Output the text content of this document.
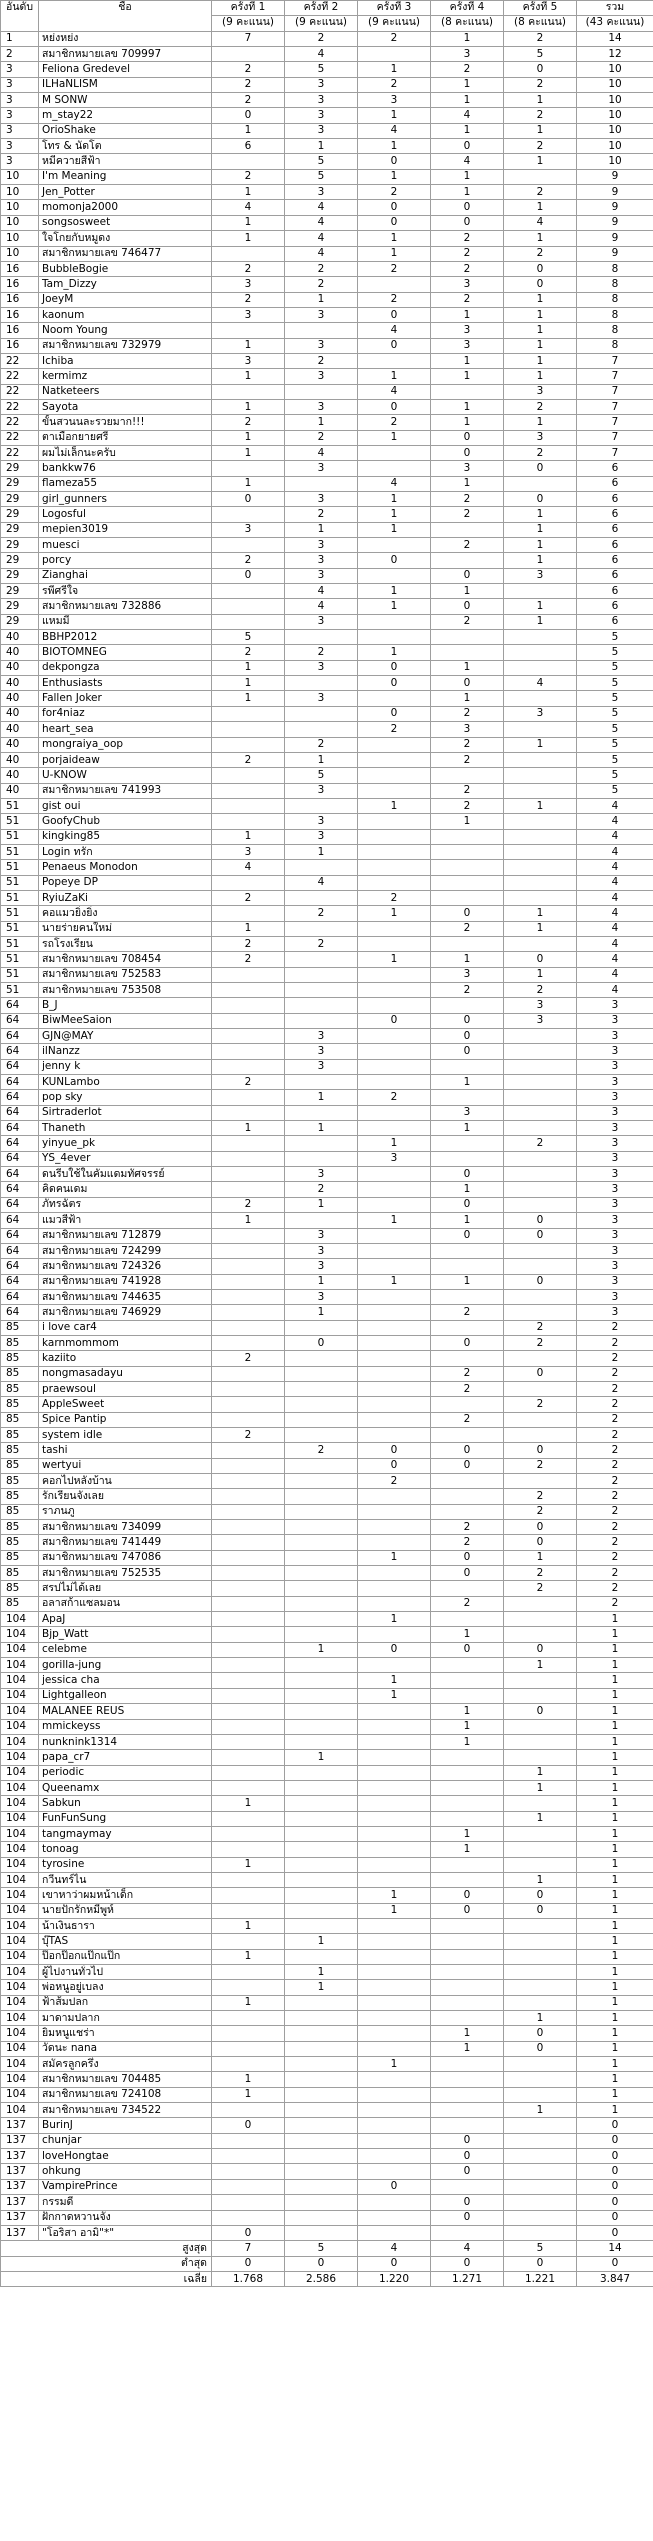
อันดับ	ชื่อ	ครั้งที่ 1	ครั้งที่ 2	ครั้งที่ 3	ครั้งที่ 4	ครั้งที่ 5	รวม
		(9 คะแนน)	(9 คะแนน)	(9 คะแนน)	(8 คะแนน)	(8 คะแนน)	(43 คะแนน)
1	หย่งหย่ง	7	2	2	1	2	14
2	สมาชิกหมายเลข 709997		4		3	5	12
3	Feliona Gredevel	2	5	1	2	0	10
3	ILHaNLISM	2	3	2	1	2	10
3	M SONW	2	3	3	1	1	10
3	m_stay22	0	3	1	4	2	10
3	OrioShake	1	3	4	1	1	10
3	โทร & นัดโต	6	1	1	0	2	10
3	หมีควายสีฟ้า		5	0	4	1	10
10	I'm Meaning	2	5	1	1		9
10	Jen_Potter	1	3	2	1	2	9
10	momonja2000	4	4	0	0	1	9
10	songsosweet	1	4	0	0	4	9
10	ใจโกยกับหมูดง	1	4	1	2	1	9
10	สมาชิกหมายเลข 746477		4	1	2	2	9
16	BubbleBogie	2	2	2	2	0	8
16	Tam_Dizzy	3	2		3	0	8
16	JoeyM	2	1	2	2	1	8
16	kaonum	3	3	0	1	1	8
16	Noom Young			4	3	1	8
16	สมาชิกหมายเลข 732979	1	3	0	3	1	8
22	Ichiba	3	2		1	1	7
22	kermimz	1	3	1	1	1	7
22	Natketeers			4		3	7
22	Sayota	1	3	0	1	2	7
22	ขั้นสวนนละรวยมาก!!!	2	1	2	1	1	7
22	ตาเมือกยายศรี	1	2	1	0	3	7
22	ผมไม่เล็กนะครับ	1	4		0	2	7
29	bankkw76		3		3	0	6
29	flameza55	1		4	1		6
29	girl_gunners	0	3	1	2	0	6
29	Logosful		2	1	2	1	6
29	mepien3019	3	1	1		1	6
29	muesci		3		2	1	6
29	porcy	2	3	0		1	6
29	Zianghai	0	3		0	3	6
29	รพีศรีใจ		4	1	1		6
29	สมาชิกหมายเลข 732886		4	1	0	1	6
29	แหมมี่		3		2	1	6
40	BBHP2012	5					5
40	BIOTOMNEG	2	2	1			5
40	dekpongza	1	3	0	1		5
40	Enthusiasts	1		0	0	4	5
40	Fallen Joker	1	3		1		5
40	for4niaz			0	2	3	5
40	heart_sea			2	3		5
40	mongraiya_oop		2		2	1	5
40	porjaideaw	2	1		2		5
40	U-KNOW		5				5
40	สมาชิกหมายเลข 741993		3		2		5
51	gist oui			1	2	1	4
51	GoofyChub		3		1		4
51	kingking85	1	3				4
51	Login ทรัก	3	1				4
51	Penaeus Monodon	4					4
51	Popeye DP		4				4
51	RyiuZaKi	2		2			4
51	คอแมวยิ่งยิ่ง		2	1	0	1	4
51	นายร่ายคนใหม่	1			2	1	4
51	รถโรงเรียน	2	2				4
51	สมาชิกหมายเลข 708454	2		1	1	0	4
51	สมาชิกหมายเลข 752583				3	1	4
51	สมาชิกหมายเลข 753508				2	2	4
64	B_J					3	3
64	BiwMeeSaion			0	0	3	3
64	GJN@MAY		3		0		3
64	ilNanzz		3		0		3
64	jenny k		3				3
64	KUNLambo	2			1		3
64	pop sky		1	2			3
64	Sirtraderlot				3		3
64	Thaneth	1	1		1		3
64	yinyue_pk			1		2	3
64	YS_4ever			3			3
64	ดนรีบใช้ในคัมแดมทัศจรรย์		3		0		3
64	คิดคนเดม		2		1		3
64	ภัทรฉัตร	2	1		0		3
64	แมวสีฟ้า	1		1	1	0	3
64	สมาชิกหมายเลข 712879		3		0	0	3
64	สมาชิกหมายเลข 724299		3				3
64	สมาชิกหมายเลข 724326		3				3
64	สมาชิกหมายเลข 741928		1	1	1	0	3
64	สมาชิกหมายเลข 744635		3				3
64	สมาชิกหมายเลข 746929		1		2		3
85	i love car4					2	2
85	karnmommom		0		0	2	2
85	kaziito	2					2
85	nongmasadayu				2	0	2
85	praewsoul				2		2
85	AppleSweet					2	2
85	Spice Pantip				2		2
85	system idle	2					2
85	tashi		2	0	0	0	2
85	wertyui			0	0	2	2
85	คอกไปหลังบ้าน			2			2
85	รักเรียนจังเลย					2	2
85	ราภนภู					2	2
85	สมาชิกหมายเลข 734099				2	0	2
85	สมาชิกหมายเลข 741449				2	0	2
85	สมาชิกหมายเลข 747086			1	0	1	2
85	สมาชิกหมายเลข 752535				0	2	2
85	สรปไม่ได้เลย					2	2
85	อลาสก้าแซลมอน				2		2
104	ApaJ			1			1
104	Bjp_Watt				1		1
104	celebme		1	0	0	0	1
104	gorilla-jung					1	1
104	jessica cha			1			1
104	Lightgalleon			1			1
104	MALANEE REUS				1	0	1
104	mmickeyss				1		1
104	nunknink1314				1		1
104	papa_cr7		1				1
104	periodic					1	1
104	Queenamx					1	1
104	Sabkun	1					1
104	FunFunSung					1	1
104	tangmaymay				1		1
104	tonoag				1		1
104	tyrosine	1					1
104	กวีนทร์ไน					1	1
104	เขาหาว่าผมหน้าเด็ก			1	0	0	1
104	นายปักรักหมีพูห์			1	0	0	1
104	น้าเงินธารา	1					1
104	บุ๊TAS		1				1
104	ป๊อกป๊อกแป๊กแป๊ก	1					1
104	ผู้ไปงานทั่วไป		1				1
104	พ่อหนูอยู่เบลง		1				1
104	ฟ้าส้มปลก	1					1
104	มาดามปลาก					1	1
104	ยิมหนูแชร่า				1	0	1
104	วัดนะ nana				1	0	1
104	สมัครลูกครึ่ง			1			1
104	สมาชิกหมายเลข 704485	1					1
104	สมาชิกหมายเลข 724108	1					1
104	สมาชิกหมายเลข 734522					1	1
137	BurinJ	0					0
137	chunjar				0		0
137	loveHongtae				0		0
137	ohkung				0		0
137	VampirePrince			0			0
137	กรรมดี				0		0
137	ฝักกาดหวานจัง				0		0
137	"โอริสา อามิ"*"	0					0
สูงสุด		7	5	4	4	5	14
ต่ำสุด		0	0	0	0	0	0
เฉลี่ย		1.768	2.586	1.220	1.271	1.221	3.847
